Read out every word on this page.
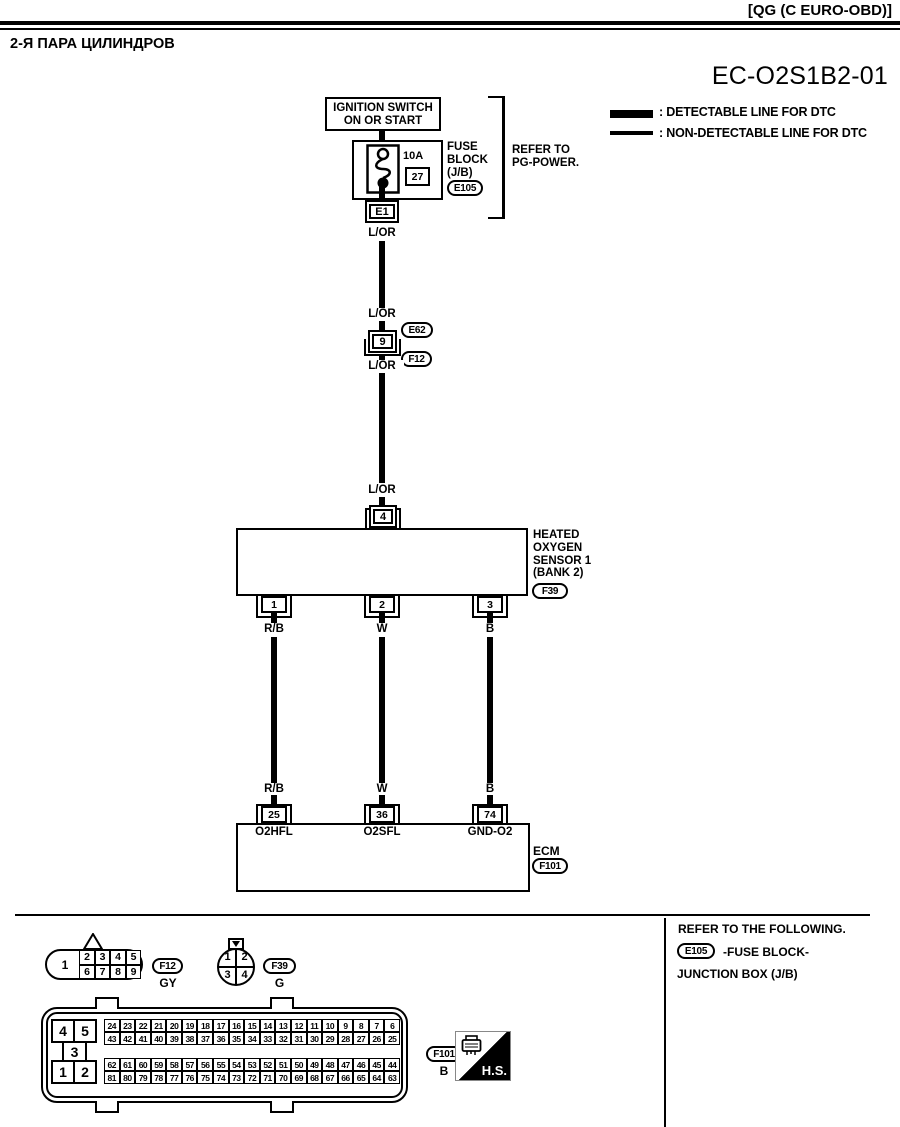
[QG (C EURO-OBD)]
2-Я ПАРА ЦИЛИНДРОВ
EC-O2S1B2-01
: DETECTABLE LINE FOR DTC
: NON-DETECTABLE LINE FOR DTC
IGNITION SWITCH
ON OR START
10A
27
FUSE
BLOCK
(J/B)
E105
REFER TO
PG-POWER.
E1
L/OR
L/OR
9
E62
F12
L/OR
L/OR
4
HEATED
OXYGEN
SENSOR 1
(BANK 2)
F39
1	2	3
R/B	W	B
R/B	W	B
25	36	74
O2HFL	O2SFL	GND-O2
ECM
F101
1
2 3 4 5
6 7 8 9	F12
GY
1 2
3 4
F39
G
4	5
3
1	2
24 23 22 21 20 19 18 17 16 15 14 13 12 11 10	9	8	7	6
43 42 41 40 39 38 37 36 35 34 33 32 31 30 29 28 27 26 25
62 61 60 59 58 57 56 55 54 53 52 51 50 49 48 47 46 45 44
81 80 79 78 77 76 75 74 73 72 71 70 69 68 67 66 65 64 63
F101
B	H.S.
REFER TO THE FOLLOWING.
E105	-FUSE BLOCK-
JUNCTION BOX (J/B)
